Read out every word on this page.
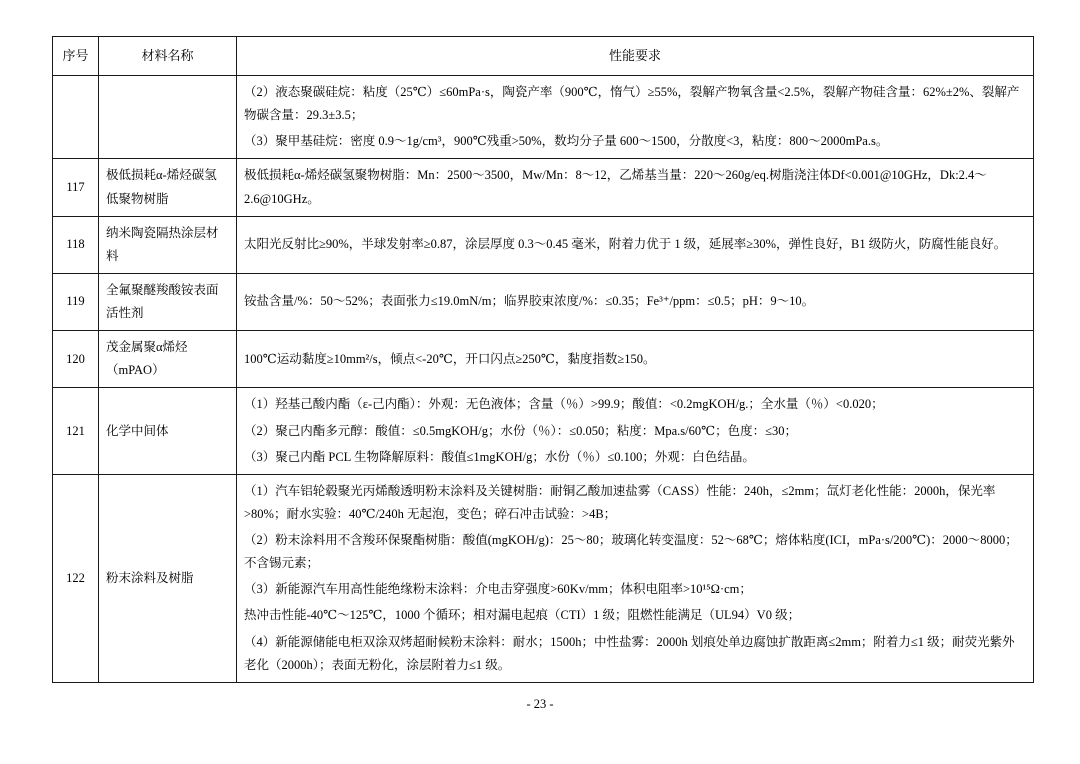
序号	材料名称	性能要求

		（2）液态聚碳硅烷：粘度（25℃）≤60mPa·s，陶瓷产率（900℃，惰气）≥55%，裂解产物氧含量<2.5%，裂解产物硅含量：62%±2%、裂解产物碳含量：29.3±3.5；

（3）聚甲基硅烷：密度 0.9～1g/cm³，900℃残重>50%，数均分子量 600～1500，分散度<3，粘度：800～2000mPa.s。

117	极低损耗α-烯烃碳氢低聚物树脂	极低损耗α-烯烃碳氢聚物树脂：Mn：2500～3500，Mw/Mn：8～12，乙烯基当量：220～260g/eq.树脂浇注体Df<0.001@10GHz，Dk:2.4～2.6@10GHz。

118	纳米陶瓷隔热涂层材料	太阳光反射比≥90%，半球发射率≥0.87，涂层厚度 0.3～0.45 毫米，附着力优于 1 级，延展率≥30%，弹性良好，B1 级防火，防腐性能良好。

119	全氟聚醚羧酸铵表面活性剂	铵盐含量/%：50～52%；表面张力≤19.0mN/m；临界胶束浓度/%：≤0.35；Fe³⁺/ppm：≤0.5；pH：9～10。

120	茂金属聚α烯烃（mPAO）	100℃运动黏度≥10mm²/s，倾点<-20℃，开口闪点≥250℃，黏度指数≥150。

121	化学中间体	（1）羟基己酸内酯（ε-己内酯）：外观：无色液体；含量（％）>99.9；酸值：<0.2mgKOH/g.；全水量（％）<0.020；

（2）聚己内酯多元醇：酸值：≤0.5mgKOH/g；水份（％）：≤0.050；粘度：Mpa.s/60℃；色度：≤30；

（3）聚己内酯 PCL 生物降解原料：酸值≤1mgKOH/g；水份（％）≤0.100；外观：白色结晶。

122	粉末涂料及树脂	（1）汽车铝轮毂聚光丙烯酸透明粉末涂料及关键树脂：耐铜乙酸加速盐雾（CASS）性能：240h，≤2mm；氙灯老化性能：2000h，保光率>80%；耐水实验：40℃/240h 无起泡，变色；碎石冲击试验：>4B；

（2）粉末涂料用不含羧环保聚酯树脂：酸值(mgKOH/g)：25～80；玻璃化转变温度：52～68℃；熔体粘度(ICI，mPa·s/200℃)：2000～8000；不含锡元素；

（3）新能源汽车用高性能绝缘粉末涂料：介电击穿强度>60Kv/mm；体积电阻率>10¹⁵Ω·cm；

热冲击性能-40℃～125℃，1000 个循环；相对漏电起痕（CTI）1 级；阻燃性能满足（UL94）V0 级；

（4）新能源储能电柜双涂双烤超耐候粉末涂料：耐水；1500h；中性盐雾：2000h 划痕处单边腐蚀扩散距离≤2mm；附着力≤1 级；耐荧光紫外老化（2000h）；表面无粉化，涂层附着力≤1 级。

- 23 -
